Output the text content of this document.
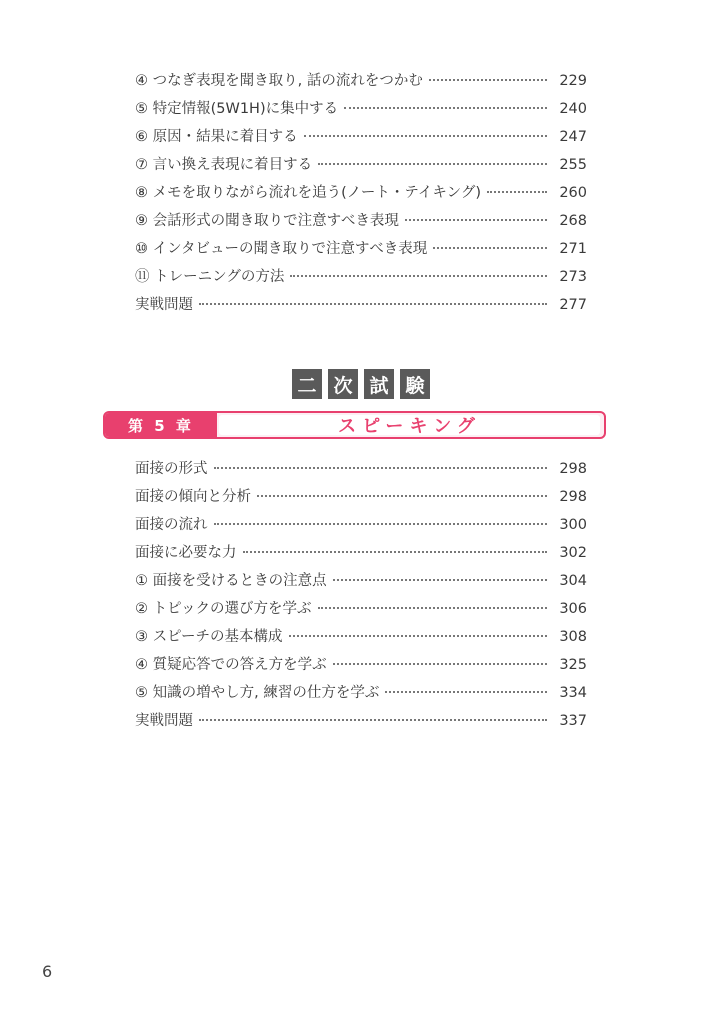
④ つなぎ表現を聞き取り, 話の流れをつかむ	229
⑤ 特定情報(5W1H)に集中する	240
⑥ 原因・結果に着目する	247
⑦ 言い換え表現に着目する	255
⑧ メモを取りながら流れを追う(ノート・テイキング)	260
⑨ 会話形式の聞き取りで注意すべき表現	268
⑩ インタビューの聞き取りで注意すべき表現	271
⑪ トレーニングの方法	273
実戦問題	277
二 次 試 験
第 5 章	スピーキング
面接の形式	298
面接の傾向と分析	298
面接の流れ	300
面接に必要な力	302
① 面接を受けるときの注意点	304
② トピックの選び方を学ぶ	306
③ スピーチの基本構成	308
④ 質疑応答での答え方を学ぶ	325
⑤ 知識の増やし方, 練習の仕方を学ぶ	334
実戦問題	337
6
